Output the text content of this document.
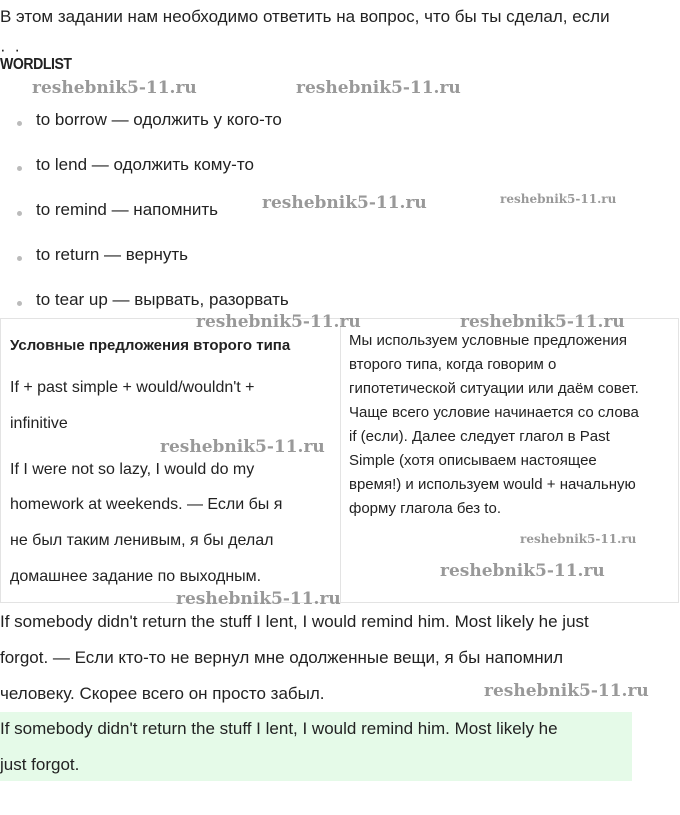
В этом задании нам необходимо ответить на вопрос, что бы ты сделал, если
· ·
WORDLIST
to borrow — одолжить у кого-то
to lend — одолжить кому-то
to remind — напомнить
to return — вернуть
to tear up — вырвать, разорвать
Условные предложения второго типа
If + past simple + would/wouldn't +
infinitive
If I were not so lazy, I would do my
homework at weekends. — Если бы я
не был таким ленивым, я бы делал
домашнее задание по выходным.
Мы используем условные предложения
второго типа, когда говорим о
гипотетической ситуации или даём совет.
Чаще всего условие начинается со слова
if (если). Далее следует глагол в Past
Simple (хотя описываем настоящее
время!) и используем would + начальную
форму глагола без to.
If somebody didn't return the stuff I lent, I would remind him. Most likely he just
forgot. — Если кто-то не вернул мне одолженные вещи, я бы напомнил
человеку. Скорее всего он просто забыл.
If somebody didn't return the stuff I lent, I would remind him. Most likely he
just forgot.
reshebnik5-11.ru	reshebnik5-11.ru
reshebnik5-11.ru	reshebnik5-11.ru
reshebnik5-11.ru	reshebnik5-11.ru
reshebnik5-11.ru
reshebnik5-11.ru
reshebnik5-11.ru
reshebnik5-11.ru
reshebnik5-11.ru
